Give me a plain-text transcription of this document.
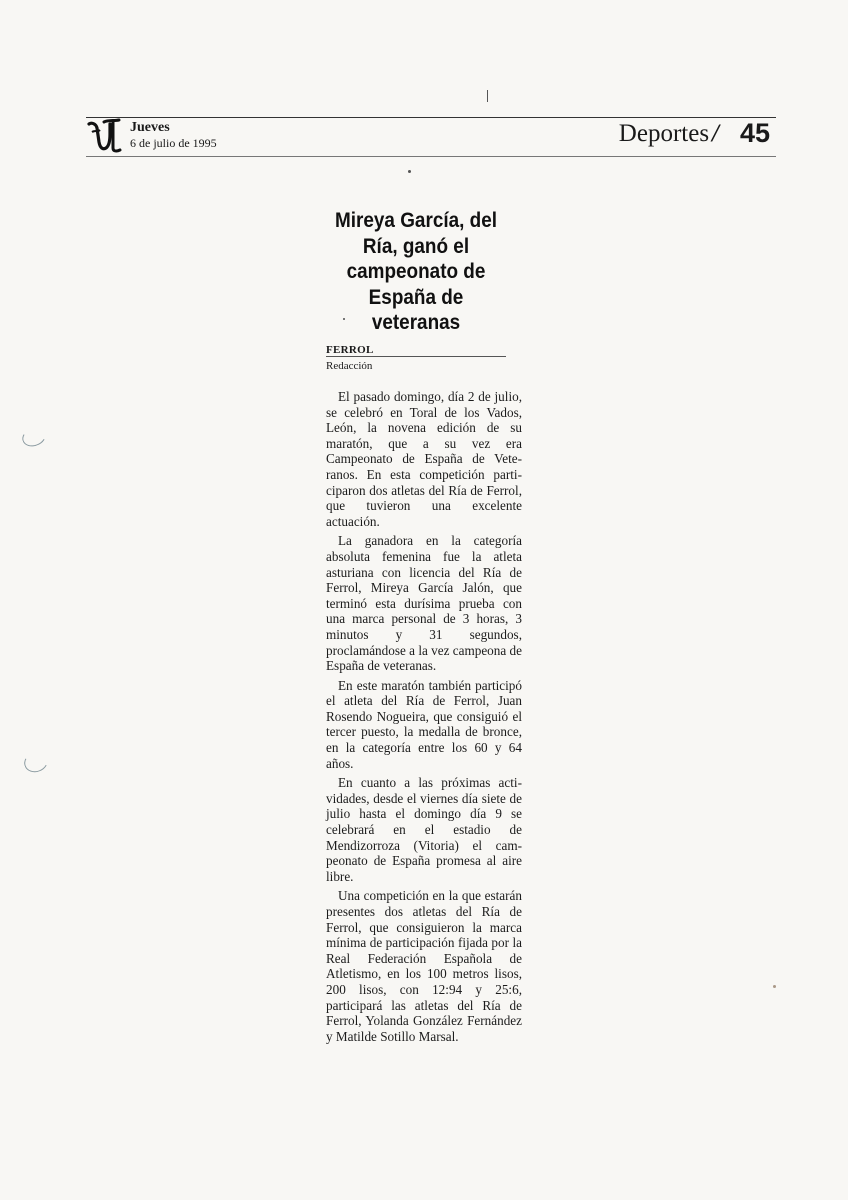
Jueves
6 de julio de 1995	Deportes / 45
Mireya García, del Ría, ganó el campeonato de España de veteranas
FERROL
Redacción

El pasado domingo, día 2 de julio, se celebró en Toral de los Vados, León, la novena edición de su maratón, que a su vez era Campeonato de España de Veteranos. En esta competición participaron dos atletas del Ría de Ferrol, que tuvieron una excelente actuación.

La ganadora en la categoría absoluta femenina fue la atleta asturiana con licencia del Ría de Ferrol, Mireya García Jalón, que terminó esta durísima prueba con una marca personal de 3 horas, 3 minutos y 31 segundos, proclamándose a la vez campeona de España de veteranas.

En este maratón también participó el atleta del Ría de Ferrol, Juan Rosendo Nogueira, que consiguió el tercer puesto, la medalla de bronce, en la categoría entre los 60 y 64 años.

En cuanto a las próximas actividades, desde el viernes día siete de julio hasta el domingo día 9 se celebrará en el estadio de Mendizorroza (Vitoria) el campeonato de España promesa al aire libre.

Una competición en la que estarán presentes dos atletas del Ría de Ferrol, que consiguieron la marca mínima de participación fijada por la Real Federación Española de Atletismo, en los 100 metros lisos, 200 lisos, con 12:94 y 25:6, participará las atletas del Ría de Ferrol, Yolanda González Fernández y Matilde Sotillo Marsal.
